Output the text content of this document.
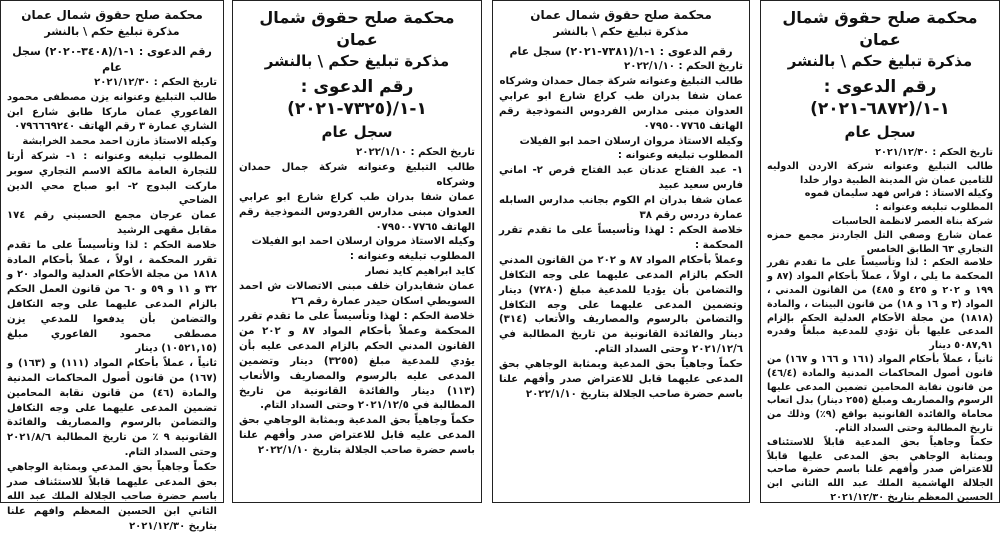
محكمة صلح حقوق شمال عمان

مذكرة تبليغ حكم \ بالنشر

رقم الدعوى : ١-١/(٣٤٠٨-٢٠٢٠) سجل عام

تاريخ الحكم : ٢٠٢١/١٢/٣٠

طالب التبليغ وعنوانه يزن مصطفى محمود الفاعوري عمان ماركا طابق شارع ابن الشاري عمارة ٣ رقم الهاتف ٠٧٩٦٦٦٩٢٤٠

وكيله الاستاذ مازن احمد محمد الخرابشة

المطلوب تبليغه وعنوانه : ١- شركة أرتا للتجارة العامة مالكة الاسم التجاري سوبر ماركت البدوج ٢- ابو صباح محي الدين الضاحي

عمان عرجان مجمع الحسيني رقم ١٧٤ مقابل مقهى الرشيد

خلاصة الحكم : لذا وتأسيساً على ما تقدم تقرر المحكمة ، اولاً ، عملاً بأحكام المادة ١٨١٨ من مجلة الأحكام العدلية والمواد ٢٠ و ٣٢ و ١١ و ٥٩ و ٦٠ من قانون العمل الحكم بالزام المدعى عليهما على وجه التكافل والتضامن بأن يدفعوا للمدعي يزن مصطفى محمود الفاعوري مبلغ (١٠٥٢١,١٥) دينار

ثانياً ، عملاً بأحكام المواد (١١١) و (١٦٣) و (١٦٧) من قانون أصول المحاكمات المدنية والمادة (٤٦) من قانون نقابة المحامين تضمين المدعى عليهما على وجه التكافل والتضامن بالرسوم والمصاريف والفائدة القانونية ٩ ٪ من تاريخ المطالبة ٢٠٢١/٨/٦ وحتى السداد التام.

حكماً وجاهياً بحق المدعي وبمثابة الوجاهي بحق المدعى عليهما قابلاً للاستئناف صدر باسم حضرة صاحب الجلالة الملك عبد الله الثاني ابن الحسين المعظم وافهم علنا بتاريخ ٢٠٢١/١٢/٣٠

محكمة صلح حقوق شمال عمان

مذكرة تبليغ حكم \ بالنشر

رقم الدعوى : ١-١/(٧٣٢٥-٢٠٢١)

سجل عام

تاريخ الحكم : ٢٠٢٢/١/١٠

طالب التبليغ وعنوانه شركة جمال حمدان وشركاه

عمان شفا بدران طب كراع شارع ابو عرابي العدوان مبنى مدارس الفردوس النموذجية رقم الهاتف ٠٧٩٥٠٠٧٧٦٥

وكيله الاستاذ مروان ارسلان احمد ابو الفيلات

المطلوب تبليغه وعنوانه :

كايد ابراهيم كايد نصار

عمان شفابدران خلف مبنى الاتصالات ش احمد السويطي اسكان حيدر عمارة رقم ٢٦

خلاصة الحكم : لهذا وتأسيساً على ما تقدم تقرر المحكمة وعملاً بأحكام المواد ٨٧ و ٢٠٢ من القانون المدني الحكم بالزام المدعى عليه بأن يؤدي للمدعية مبلغ (٣٢٥٥) دينار وتضمين المدعى عليه بالرسوم والمصاريف والأتعاب (١١٣) دينار والفائدة القانونية من تاريخ المطالبة في ٢٠٢١/١٢/٥ وحتى السداد التام.

حكماً وجاهياً بحق المدعية وبمثابة الوجاهي بحق المدعى عليه قابل للاعتراض صدر وأفهم علنا باسم حضرة صاحب الجلالة بتاريخ ٢٠٢٢/١/١٠

محكمة صلح حقوق شمال عمان

مذكرة تبليغ حكم \ بالنشر

رقم الدعوى : ١-١/(٧٣٨١-٢٠٢١) سجل عام

تاريخ الحكم : ٢٠٢٢/١/١٠

طالب التبليغ وعنوانه شركة جمال حمدان وشركاه

عمان شفا بدران طب كراع شارع ابو عرابي العدوان مبنى مدارس الفردوس النموذجية رقم الهاتف ٠٧٩٥٠٠٧٧٦٥

وكيله الاستاذ مروان ارسلان احمد ابو الفيلات

المطلوب تبليغه وعنوانه :

١- عبد الفتاح عدنان عبد الفتاح قرص ٢- اماني فارس سعيد عبيد

عمان شفا بدران ام الكوم بجانب مدارس السابله عمارة دردس رقم ٣٨

خلاصة الحكم : لهذا وتأسيساً على ما تقدم تقرر المحكمة :

وعملاً بأحكام المواد ٨٧ و ٢٠٢ من القانون المدني الحكم بالزام المدعى عليهما على وجه التكافل والتضامن بأن يؤديا للمدعية مبلغ (٧٢٨٠) دينار وتضمين المدعى عليهما على وجه التكافل والتضامن بالرسوم والمصاريف والأتعاب (٣١٤) دينار والفائدة القانونية من تاريخ المطالبة في ٢٠٢١/١٢/٦ وحتى السداد التام.

حكماً وجاهياً بحق المدعية وبمثابة الوجاهي بحق المدعى عليهما قابل للاعتراض صدر وأفهم علنا باسم حضرة صاحب الجلالة بتاريخ ٢٠٢٢/١/١٠

محكمة صلح حقوق شمال عمان

مذكرة تبليغ حكم \ بالنشر

رقم الدعوى : ١-١/(٦٨٧٢-٢٠٢١)

سجل عام

تاريخ الحكم : ٢٠٢١/١٢/٣٠

طالب التبليغ وعنوانه شركة الاردن الدوليه للتامين عمان ش المدينة الطبية دوار خلدا

وكيله الاستاذ : فراس فهد سليمان قموه

المطلوب تبليغه وعنوانه :

شركة بناة العصر لانظمة الحاسبات

عمان شارع وصفي التل الجاردنز مجمع حمزه التجاري ٦٣ الطابق الخامس

خلاصة الحكم : لذا وتأسيساً على ما تقدم تقرر المحكمة ما يلي ، اولاً ، عملاً بأحكام المواد (٨٧ و ١٩٩ و ٢٠٢ و ٤٢٥ و ٤٨٥) من القانون المدني ، المواد (٣ و ١٦ و ١٨) من قانون البينات ، والمادة (١٨١٨) من مجلة الأحكام العدلية الحكم بإلزام المدعى عليها بأن تؤدي للمدعية مبلغاً وقدره ٥٠٨٧,٩١ دينار

ثانياً ، عملاً بأحكام المواد (١٦١ و ١٦٦ و ١٦٧) من قانون أصول المحاكمات المدنية والمادة (٤٦/٤) من قانون نقابة المحامين تضمين المدعى عليها الرسوم والمصاريف ومبلغ (٢٥٥ دينار) بدل اتعاب محاماة والفائدة القانونية بواقع (٩٪) وذلك من تاريخ المطالبة وحتى السداد التام.

حكماً وجاهياً بحق المدعية قابلاً للاستئناف وبمثابة الوجاهي بحق المدعى عليها قابلاً للاعتراض صدر وأفهم علنا باسم حضرة صاحب الجلالة الهاشمية الملك عبد الله الثاني ابن الحسين المعظم بتاريخ ٢٠٢١/١٢/٣٠
